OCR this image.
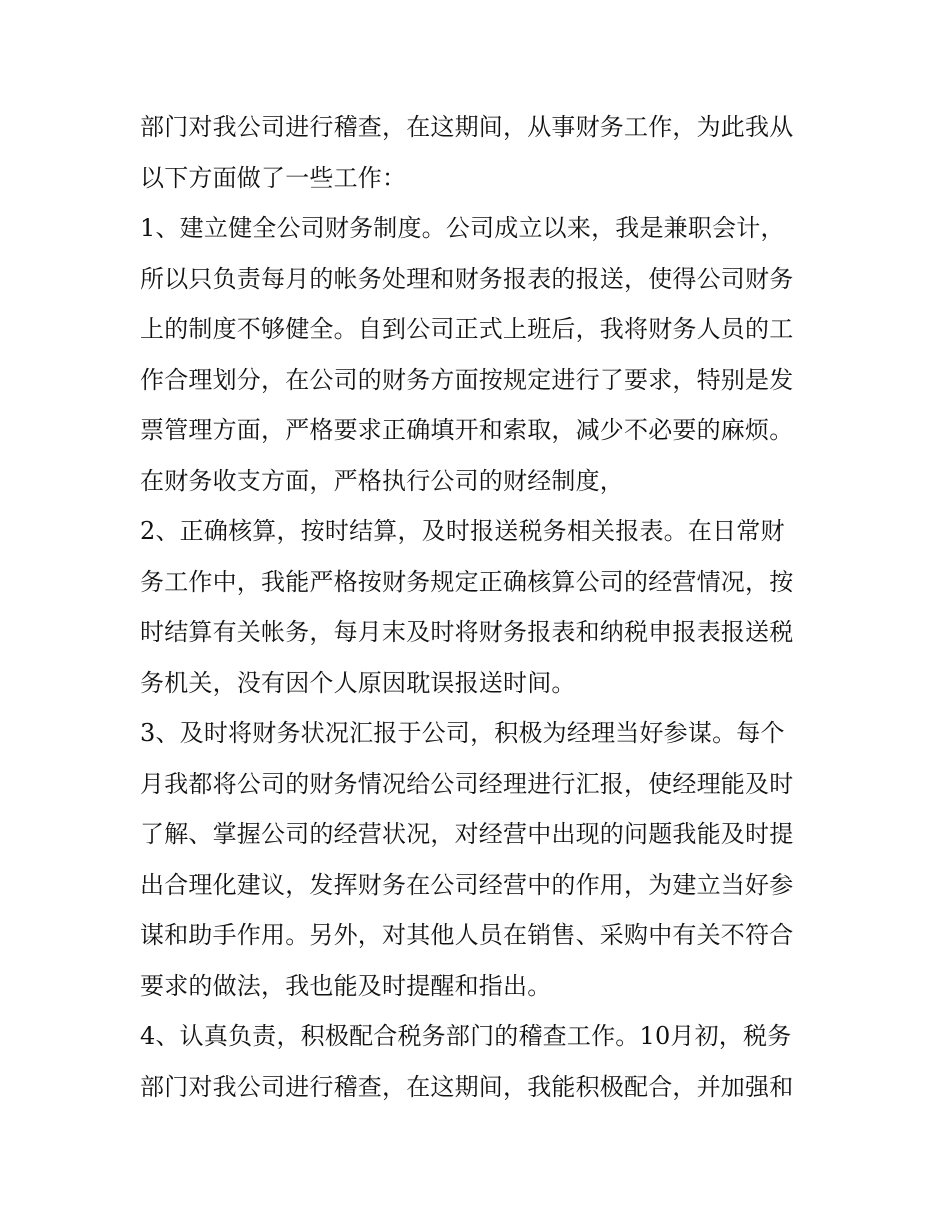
部门对我公司进行稽查，在这期间，从事财务工作，为此我从
以下方面做了一些工作：
1、建立健全公司财务制度。公司成立以来，我是兼职会计，
所以只负责每月的帐务处理和财务报表的报送，使得公司财务
上的制度不够健全。自到公司正式上班后，我将财务人员的工
作合理划分，在公司的财务方面按规定进行了要求，特别是发
票管理方面，严格要求正确填开和索取，减少不必要的麻烦。
在财务收支方面，严格执行公司的财经制度，
2、正确核算，按时结算，及时报送税务相关报表。在日常财
务工作中，我能严格按财务规定正确核算公司的经营情况，按
时结算有关帐务，每月末及时将财务报表和纳税申报表报送税
务机关，没有因个人原因耽误报送时间。
3、及时将财务状况汇报于公司，积极为经理当好参谋。每个
月我都将公司的财务情况给公司经理进行汇报，使经理能及时
了解、掌握公司的经营状况，对经营中出现的问题我能及时提
出合理化建议，发挥财务在公司经营中的作用，为建立当好参
谋和助手作用。另外，对其他人员在销售、采购中有关不符合
要求的做法，我也能及时提醒和指出。
4、认真负责，积极配合税务部门的稽查工作。10月初，税务
部门对我公司进行稽查，在这期间，我能积极配合，并加强和
